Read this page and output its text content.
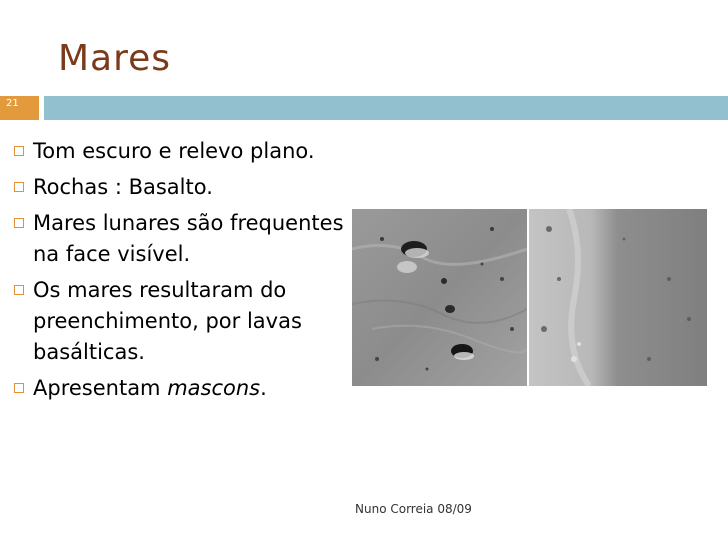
Mares
21
Tom escuro e relevo plano.
Rochas : Basalto.
Mares lunares são frequentes na face visível.
Os mares resultaram do preenchimento, por lavas basálticas.
Apresentam mascons.
Nuno Correia 08/09
